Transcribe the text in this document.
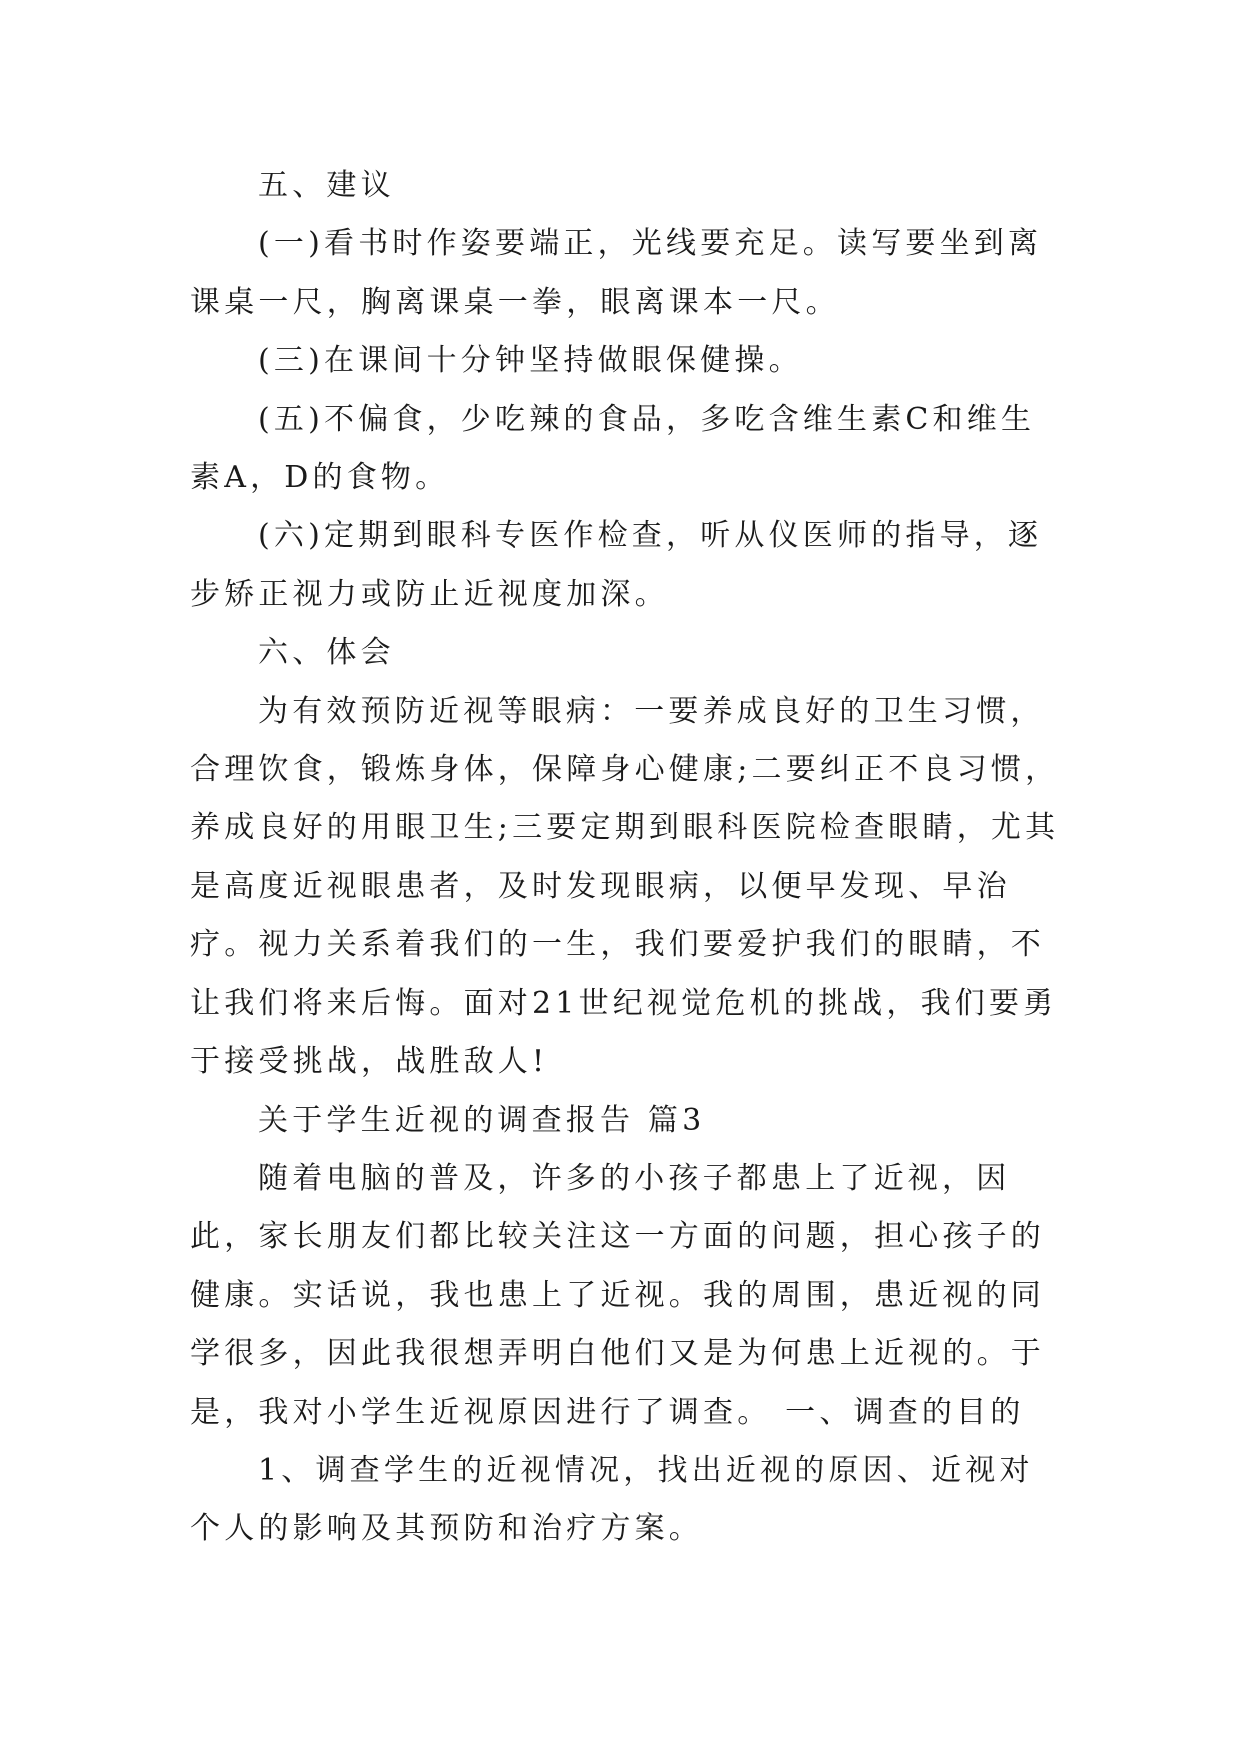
五、建议

(一)看书时作姿要端正，光线要充足。读写要坐到离课桌一尺，胸离课桌一拳，眼离课本一尺。

(三)在课间十分钟坚持做眼保健操。

(五)不偏食，少吃辣的食品，多吃含维生素C和维生素A，D的食物。

(六)定期到眼科专医作检查，听从仪医师的指导，逐步矫正视力或防止近视度加深。

六、体会

为有效预防近视等眼病：一要养成良好的卫生习惯，合理饮食，锻炼身体，保障身心健康;二要纠正不良习惯，养成良好的用眼卫生;三要定期到眼科医院检查眼睛，尤其是高度近视眼患者，及时发现眼病，以便早发现、早治疗。视力关系着我们的一生，我们要爱护我们的眼睛，不让我们将来后悔。面对21世纪视觉危机的挑战，我们要勇于接受挑战，战胜敌人!

关于学生近视的调查报告 篇3

随着电脑的普及，许多的小孩子都患上了近视，因此，家长朋友们都比较关注这一方面的问题，担心孩子的健康。实话说，我也患上了近视。我的周围，患近视的同学很多，因此我很想弄明白他们又是为何患上近视的。于是，我对小学生近视原因进行了调查。 一、调查的目的

1、调查学生的近视情况，找出近视的原因、近视对个人的影响及其预防和治疗方案。
